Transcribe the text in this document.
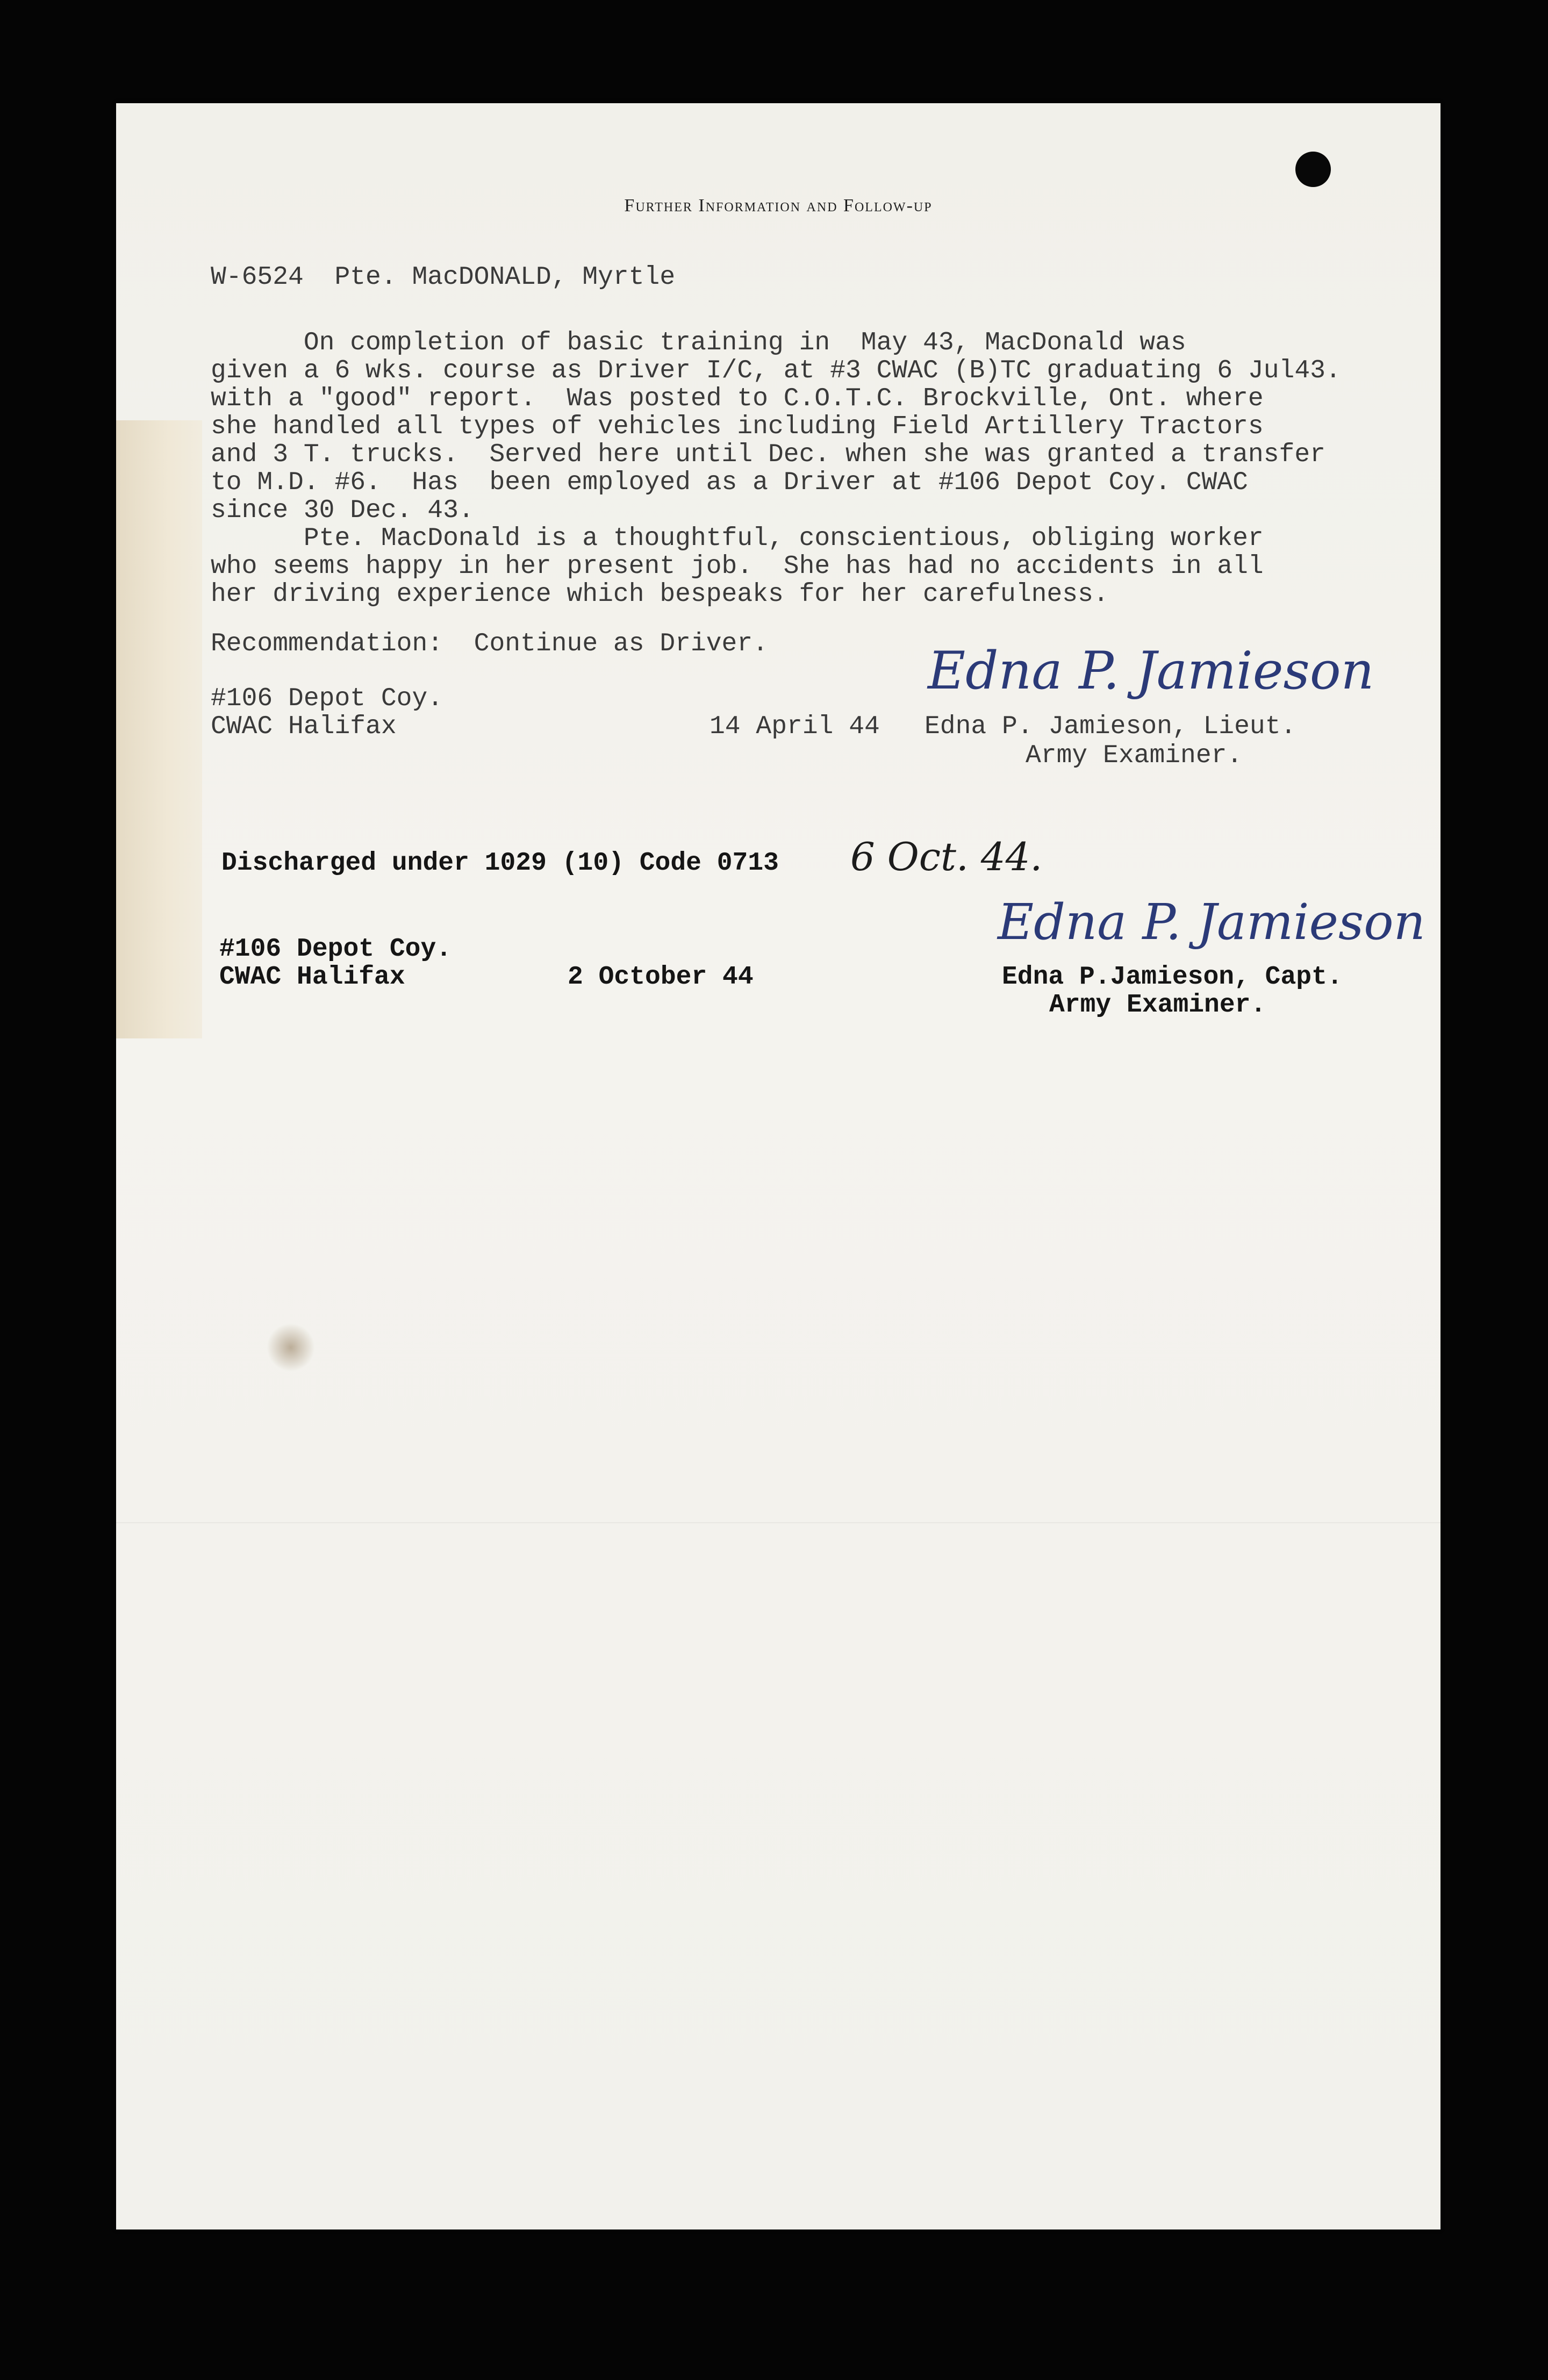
Further Information and Follow-up

W-6524  Pte. MacDONALD, Myrtle

On completion of basic training in  May 43, MacDonald was

given a 6 wks. course as Driver I/C, at #3 CWAC (B)TC graduating 6 Jul43.

with a "good" report.  Was posted to C.O.T.C. Brockville, Ont. where

she handled all types of vehicles including Field Artillery Tractors

and 3 T. trucks.  Served here until Dec. when she was granted a transfer

to M.D. #6.  Has  been employed as a Driver at #106 Depot Coy. CWAC

since 30 Dec. 43.

Pte. MacDonald is a thoughtful, conscientious, obliging worker

who seems happy in her present job.  She has had no accidents in all

her driving experience which bespeaks for her carefulness.

Recommendation:  Continue as Driver.

#106 Depot Coy.

CWAC Halifax	14 April 44

Edna P. Jamieson

Edna P. Jamieson, Lieut.

Army Examiner.

Discharged under 1029 (10) Code 0713 6 Oct. 44.

#106 Depot Coy.

CWAC Halifax	2 October 44

Edna P. Jamieson

Edna P.Jamieson, Capt.

Army Examiner.
